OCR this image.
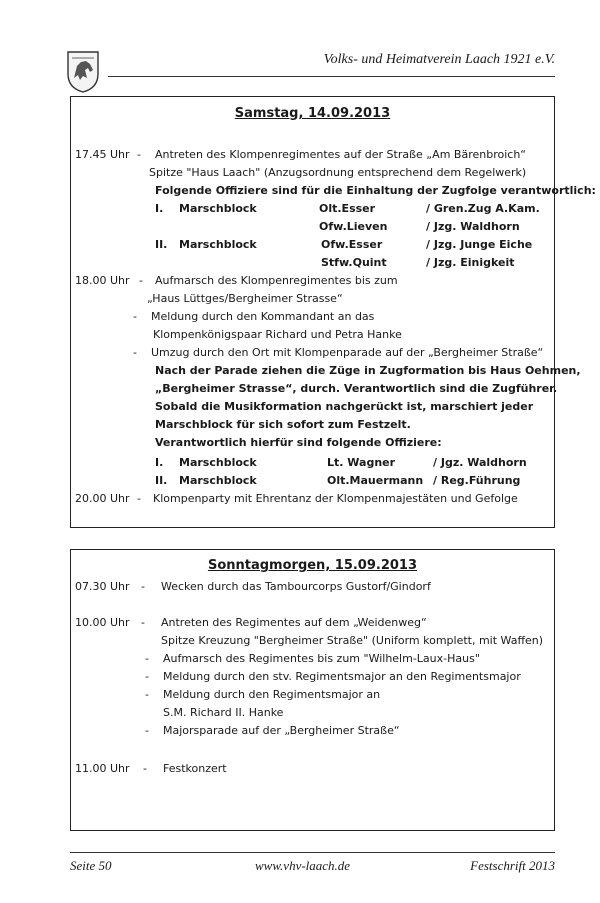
Volks- und Heimatverein Laach 1921 e.V.
Samstag, 14.09.2013
17.45 Uhr - Antreten des Klompenregimentes auf der Straße „Am Bärenbroich“
Spitze "Haus Laach" (Anzugsordnung entsprechend dem Regelwerk)
Folgende Offiziere sind für die Einhaltung der Zugfolge verantwortlich:
I. Marschblock	Olt.Esser	/ Gren.Zug A.Kam.
Ofw.Lieven	/ Jzg. Waldhorn
II. Marschblock	Ofw.Esser	/ Jzg. Junge Eiche
Stfw.Quint	/ Jzg. Einigkeit
18.00 Uhr - Aufmarsch des Klompenregimentes bis zum
„Haus Lüttges/Bergheimer Strasse“
- Meldung durch den Kommandant an das
Klompenkönigspaar Richard und Petra Hanke
- Umzug durch den Ort mit Klompenparade auf der „Bergheimer Straße“
Nach der Parade ziehen die Züge in Zugformation bis Haus Oehmen,
„Bergheimer Strasse“, durch. Verantwortlich sind die Zugführer.
Sobald die Musikformation nachgerückt ist, marschiert jeder
Marschblock für sich sofort zum Festzelt.
Verantwortlich hierfür sind folgende Offiziere:
I. Marschblock	Lt. Wagner	/ Jgz. Waldhorn
II. Marschblock	Olt.Mauermann / Reg.Führung
20.00 Uhr - Klompenparty mit Ehrentanz der Klompenmajestäten und Gefolge
Sonntagmorgen, 15.09.2013
07.30 Uhr - Wecken durch das Tambourcorps Gustorf/Gindorf
10.00 Uhr - Antreten des Regimentes auf dem „Weidenweg“
Spitze Kreuzung "Bergheimer Straße" (Uniform komplett, mit Waffen)
- Aufmarsch des Regimentes bis zum "Wilhelm-Laux-Haus"
- Meldung durch den stv. Regimentsmajor an den Regimentsmajor
- Meldung durch den Regimentsmajor an
S.M. Richard II. Hanke
- Majorsparade auf der „Bergheimer Straße“
11.00 Uhr - Festkonzert
Seite 50	www.vhv-laach.de	Festschrift 2013
